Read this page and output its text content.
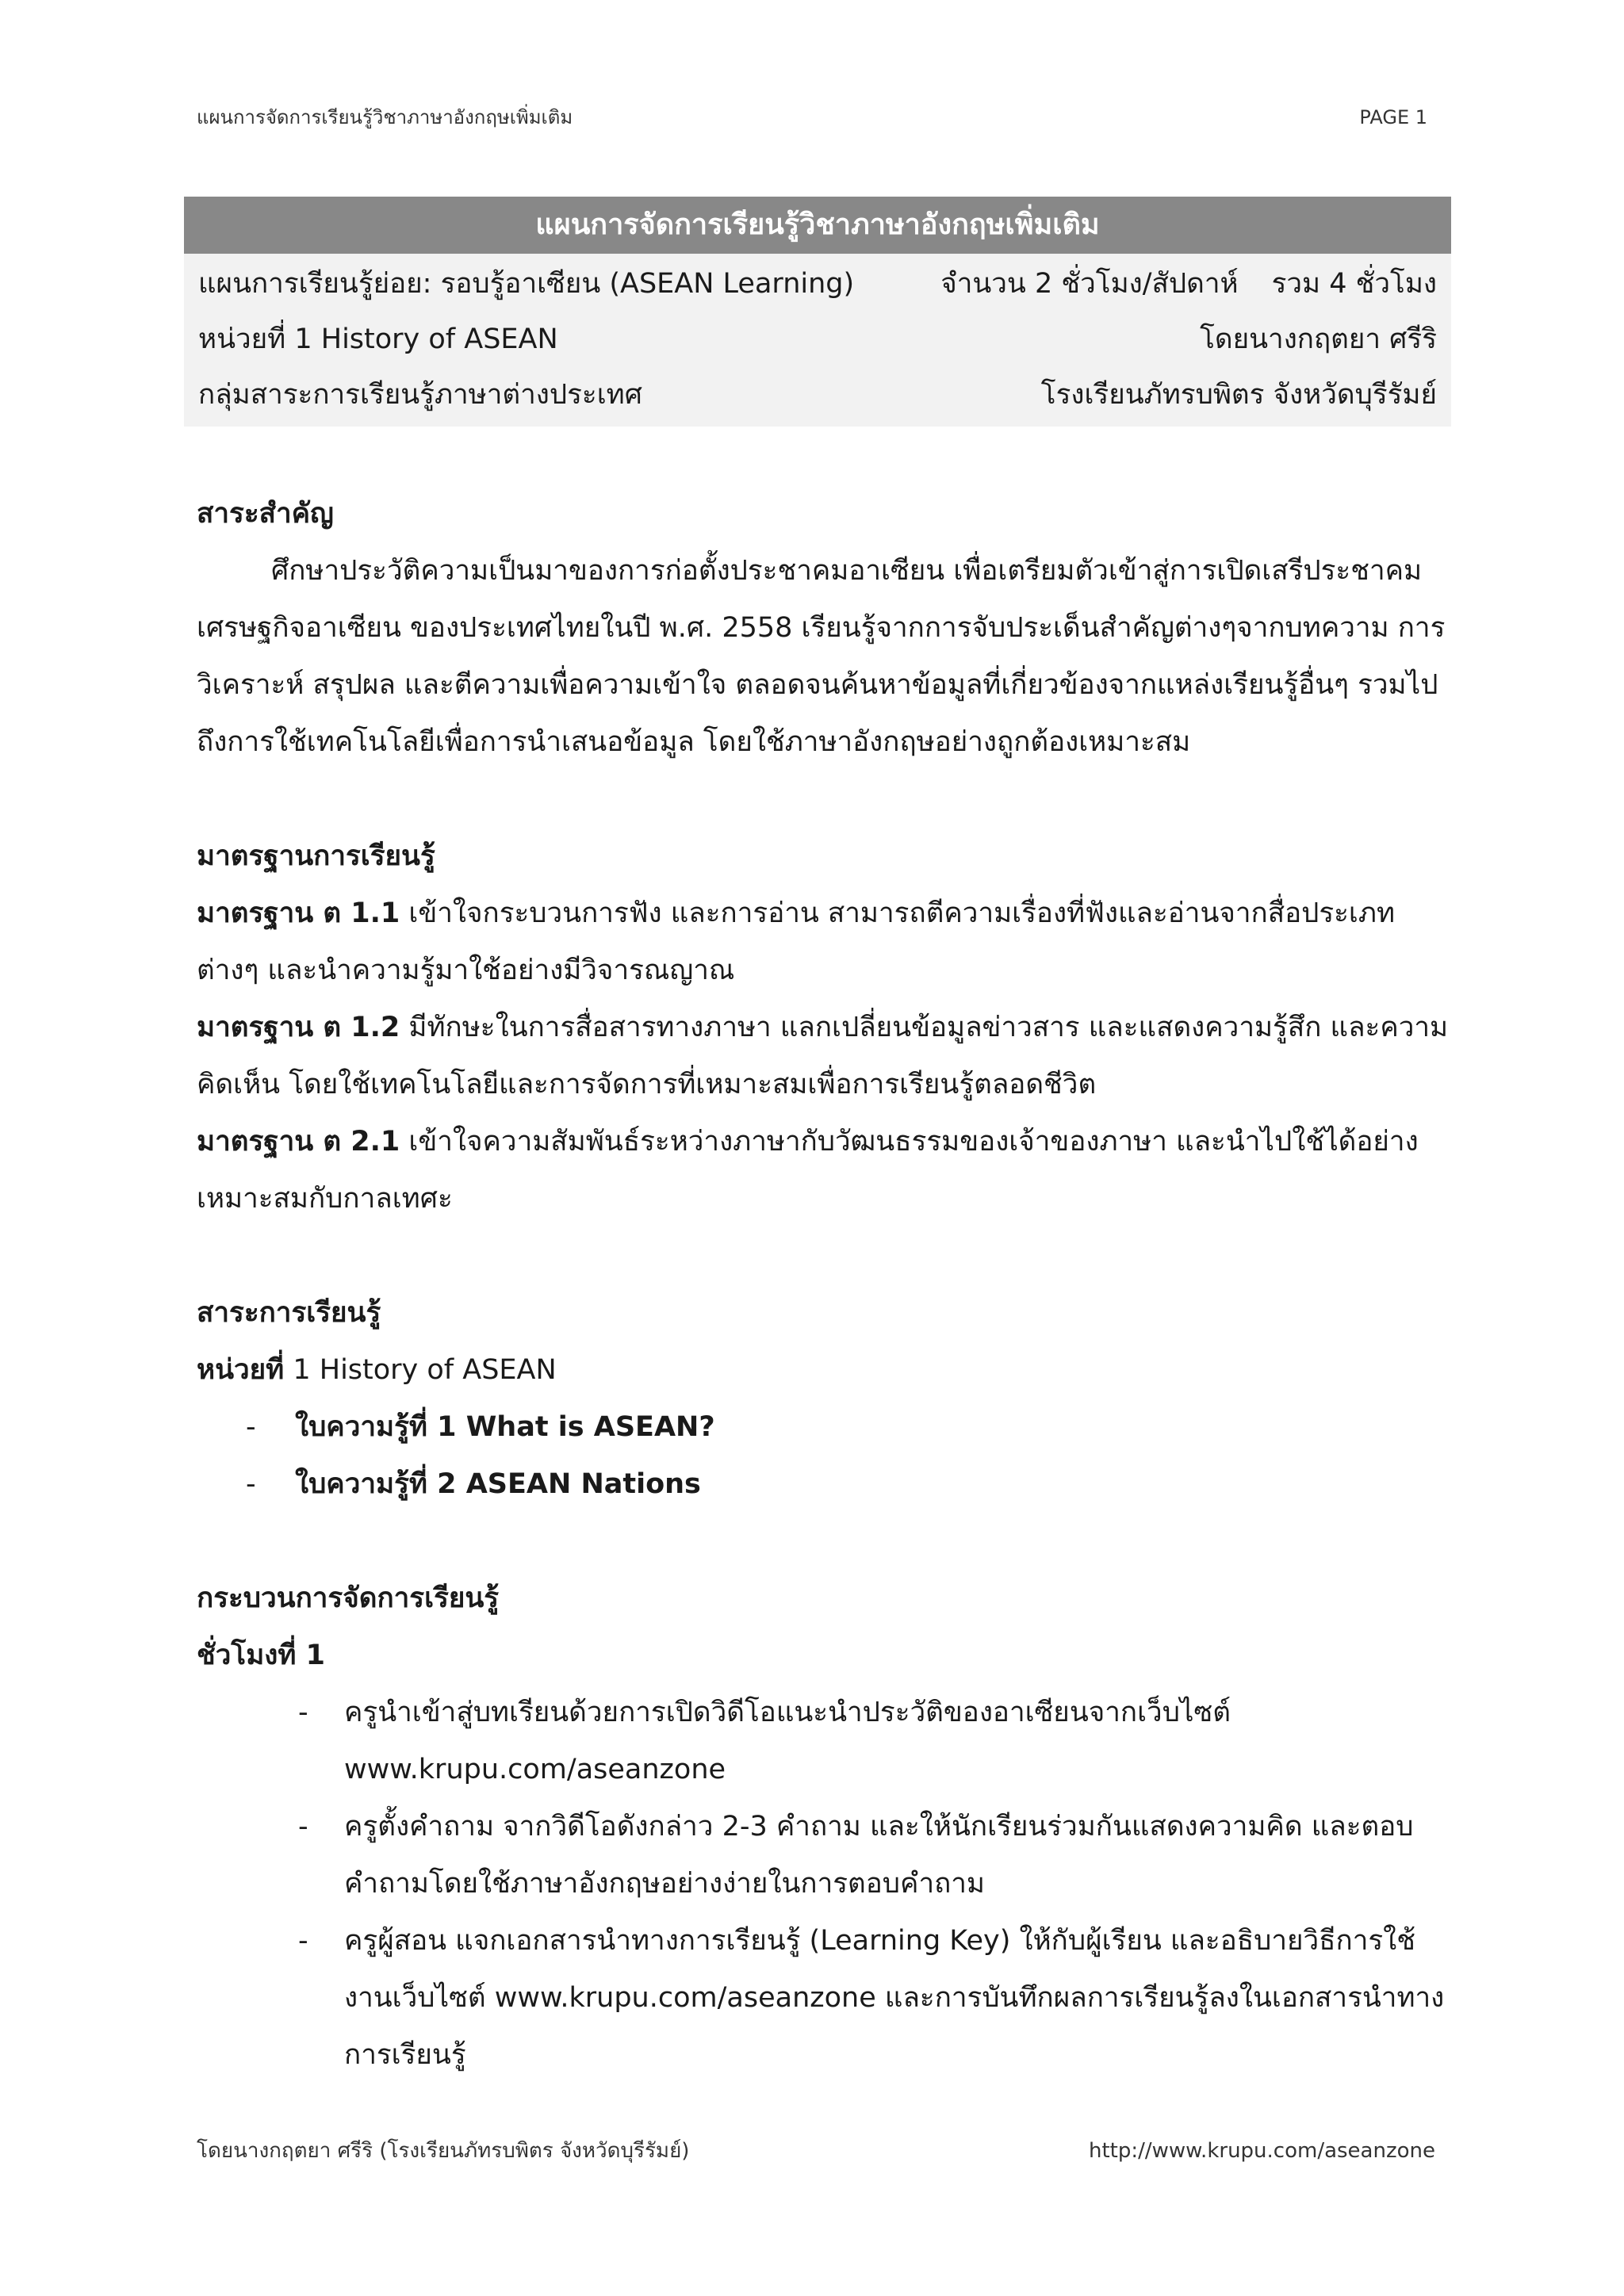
แผนการจัดการเรียนรู้วิชาภาษาอังกฤษเพิ่มเติม	PAGE 1
แผนการจัดการเรียนรู้วิชาภาษาอังกฤษเพิ่มเติม
แผนการเรียนรู้ย่อย: รอบรู้อาเซียน (ASEAN Learning)	จำนวน 2 ชั่วโมง/สัปดาห์ รวม 4 ชั่วโมง
หน่วยที่ 1 History of ASEAN	โดยนางกฤตยา ศรีริ
กลุ่มสาระการเรียนรู้ภาษาต่างประเทศ	โรงเรียนภัทรบพิตร จังหวัดบุรีรัมย์
สาระสำคัญ

ศึกษาประวัติความเป็นมาของการก่อตั้งประชาคมอาเซียน เพื่อเตรียมตัวเข้าสู่การเปิดเสรีประชาคมเศรษฐกิจอาเซียน ของประเทศไทยในปี พ.ศ. 2558 เรียนรู้จากการจับประเด็นสำคัญต่างๆจากบทความ การวิเคราะห์ สรุปผล และตีความเพื่อความเข้าใจ ตลอดจนค้นหาข้อมูลที่เกี่ยวข้องจากแหล่งเรียนรู้อื่นๆ รวมไปถึงการใช้เทคโนโลยีเพื่อการนำเสนอข้อมูล โดยใช้ภาษาอังกฤษอย่างถูกต้องเหมาะสม

มาตรฐานการเรียนรู้

มาตรฐาน ต 1.1 เข้าใจกระบวนการฟัง และการอ่าน สามารถตีความเรื่องที่ฟังและอ่านจากสื่อประเภทต่างๆ และนำความรู้มาใช้อย่างมีวิจารณญาณ

มาตรฐาน ต 1.2 มีทักษะในการสื่อสารทางภาษา แลกเปลี่ยนข้อมูลข่าวสาร และแสดงความรู้สึก และความคิดเห็น โดยใช้เทคโนโลยีและการจัดการที่เหมาะสมเพื่อการเรียนรู้ตลอดชีวิต

มาตรฐาน ต 2.1 เข้าใจความสัมพันธ์ระหว่างภาษากับวัฒนธรรมของเจ้าของภาษา และนำไปใช้ได้อย่างเหมาะสมกับกาลเทศะ

สาระการเรียนรู้
หน่วยที่ 1 History of ASEAN
- ใบความรู้ที่ 1 What is ASEAN?
- ใบความรู้ที่ 2 ASEAN Nations
กระบวนการจัดการเรียนรู้
ชั่วโมงที่ 1
- ครูนำเข้าสู่บทเรียนด้วยการเปิดวิดีโอแนะนำประวัติของอาเซียนจากเว็บไซต์ www.krupu.com/aseanzone
- ครูตั้งคำถาม จากวิดีโอดังกล่าว 2-3 คำถาม และให้นักเรียนร่วมกันแสดงความคิด และตอบคำถามโดยใช้ภาษาอังกฤษอย่างง่ายในการตอบคำถาม
- ครูผู้สอน แจกเอกสารนำทางการเรียนรู้ (Learning Key) ให้กับผู้เรียน และอธิบายวิธีการใช้งานเว็บไซต์ www.krupu.com/aseanzone และการบันทึกผลการเรียนรู้ลงในเอกสารนำทางการเรียนรู้
โดยนางกฤตยา ศรีริ (โรงเรียนภัทรบพิตร จังหวัดบุรีรัมย์)	http://www.krupu.com/aseanzone
